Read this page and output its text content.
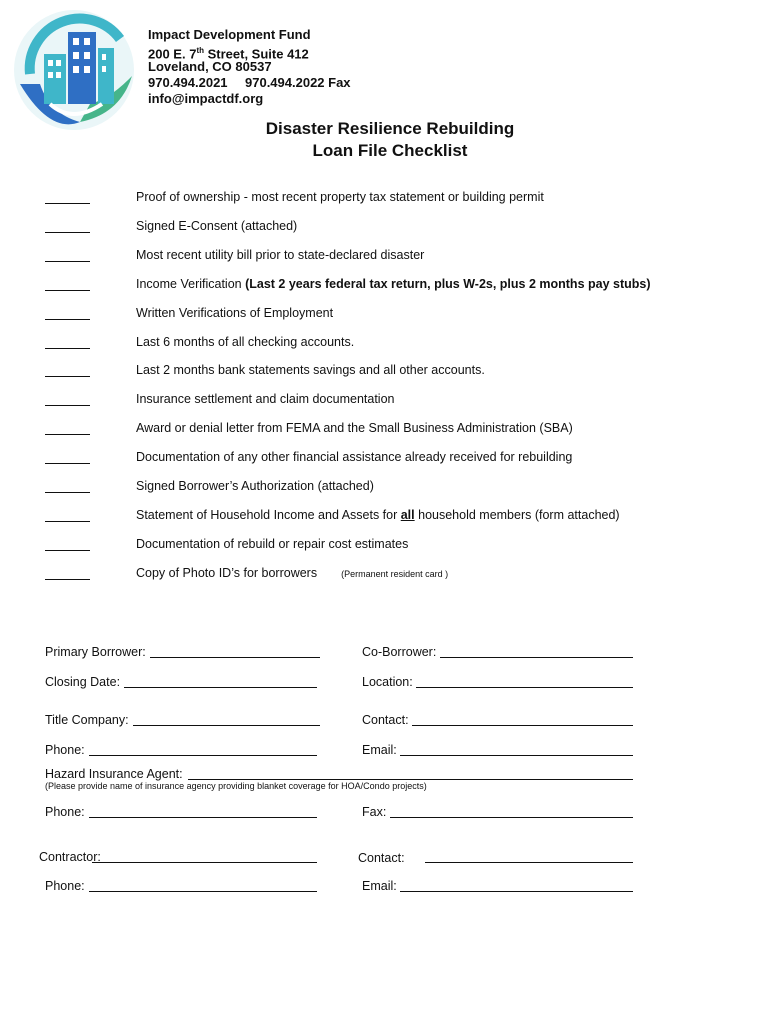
Impact Development Fund
200 E. 7th Street, Suite 412
Loveland, CO 80537
970.494.2021 970.494.2022 Fax
info@impactdf.org
Disaster Resilience Rebuilding
Loan File Checklist
Proof of ownership - most recent property tax statement or building permit
Signed E-Consent (attached)
Most recent utility bill prior to state-declared disaster
Income Verification (Last 2 years federal tax return, plus W-2s, plus 2 months pay stubs)
Written Verifications of Employment
Last 6 months of all checking accounts.
Last 2 months bank statements savings and all other accounts.
Insurance settlement and claim documentation
Award or denial letter from FEMA and the Small Business Administration (SBA)
Documentation of any other financial assistance already received for rebuilding
Signed Borrower’s Authorization (attached)
Statement of Household Income and Assets for all household members (form attached)
Documentation of rebuild or repair cost estimates
Copy of Photo ID’s for borrowers	(Permanent resident card )
Primary Borrower:	Co-Borrower:
Closing Date:	Location:
Title Company:	Contact:
Phone:	Email:
Hazard Insurance Agent:
(Please provide name of insurance agency providing blanket coverage for HOA/Condo projects)
Phone:	Fax:
Contractor:	Contact:
Phone:	Email:
